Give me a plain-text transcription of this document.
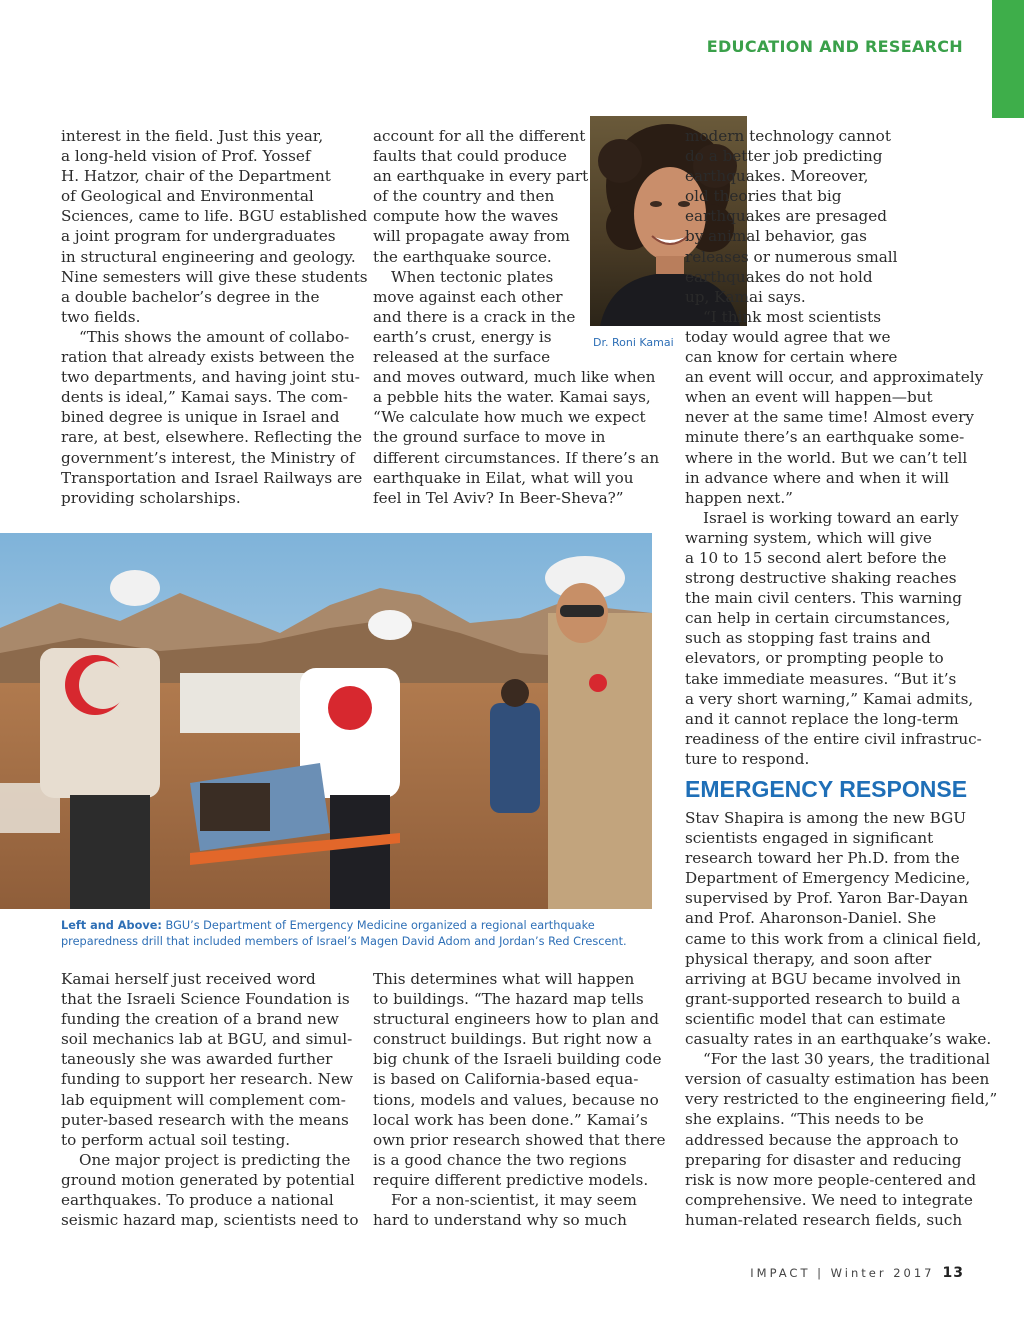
EDUCATION AND RESEARCH
interest in the field. Just this year,
a long-held vision of Prof. Yossef
H. Hatzor, chair of the Department
of Geological and Environmental
Sciences, came to life. BGU established
a joint program for undergraduates
in structural engineering and geology.
Nine semesters will give these students
a double bachelor’s degree in the
two fields.
“This shows the amount of collabo-
ration that already exists between the
two departments, and having joint stu-
dents is ideal,” Kamai says. The com-
bined degree is unique in Israel and
rare, at best, elsewhere. Reflecting the
government’s interest, the Ministry of
Transportation and Israel Railways are
providing scholarships.
account for all the different
faults that could produce
an earthquake in every part
of the country and then
compute how the waves
will propagate away from
the earthquake source.
When tectonic plates
move against each other
and there is a crack in the
earth’s crust, energy is
released at the surface
and moves outward, much like when
a pebble hits the water. Kamai says,
“We calculate how much we expect
the ground surface to move in
different circumstances. If there’s an
earthquake in Eilat, what will you
feel in Tel Aviv? In Beer-Sheva?”
Dr. Roni Kamai
modern technology cannot
do a better job predicting
earthquakes. Moreover,
old theories that big
earthquakes are presaged
by animal behavior, gas
releases or numerous small
earthquakes do not hold
up, Kamai says.
“I think most scientists
today would agree that we
can know for certain where
an event will occur, and approximately
when an event will happen—but
never at the same time! Almost every
minute there’s an earthquake some-
where in the world. But we can’t tell
in advance where and when it will
happen next.”
Israel is working toward an early
warning system, which will give
a 10 to 15 second alert before the
strong destructive shaking reaches
the main civil centers. This warning
can help in certain circumstances,
such as stopping fast trains and
elevators, or prompting people to
take immediate measures. “But it’s
a very short warning,” Kamai admits,
and it cannot replace the long-term
readiness of the entire civil infrastruc-
ture to respond.
Left and Above: BGU’s Department of Emergency Medicine organized a regional earthquake preparedness drill that included members of Israel’s Magen David Adom and Jordan’s Red Crescent.
EMERGENCY RESPONSE
Stav Shapira is among the new BGU
scientists engaged in significant
research toward her Ph.D. from the
Department of Emergency Medicine,
supervised by Prof. Yaron Bar-Dayan
and Prof. Aharonson-Daniel. She
came to this work from a clinical field,
physical therapy, and soon after
arriving at BGU became involved in
grant-supported research to build a
scientific model that can estimate
casualty rates in an earthquake’s wake.
“For the last 30 years, the traditional
version of casualty estimation has been
very restricted to the engineering field,”
she explains. “This needs to be
addressed because the approach to
preparing for disaster and reducing
risk is now more people-centered and
comprehensive. We need to integrate
human-related research fields, such
Kamai herself just received word
that the Israeli Science Foundation is
funding the creation of a brand new
soil mechanics lab at BGU, and simul-
taneously she was awarded further
funding to support her research. New
lab equipment will complement com-
puter-based research with the means
to perform actual soil testing.
One major project is predicting the
ground motion generated by potential
earthquakes. To produce a national
seismic hazard map, scientists need to
This determines what will happen
to buildings. “The hazard map tells
structural engineers how to plan and
construct buildings. But right now a
big chunk of the Israeli building code
is based on California-based equa-
tions, models and values, because no
local work has been done.” Kamai’s
own prior research showed that there
is a good chance the two regions
require different predictive models.
For a non-scientist, it may seem
hard to understand why so much
IMPACT | Winter 2017 13
